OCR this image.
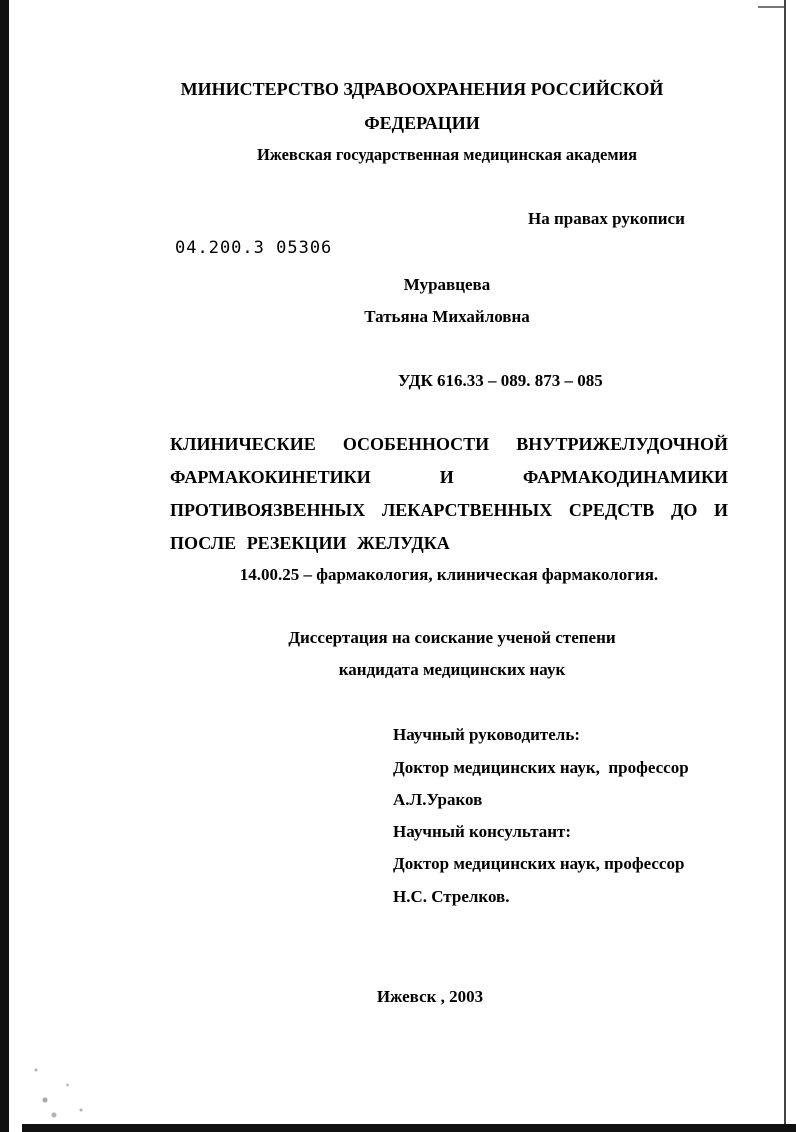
МИНИСТЕРСТВО ЗДРАВООХРАНЕНИЯ РОССИЙСКОЙ
ФЕДЕРАЦИИ
Ижевская государственная медицинская академия
На правах рукописи
04.200.3 05306
Муравцева
Татьяна Михайловна
УДК 616.33 – 089. 873 – 085
КЛИНИЧЕСКИЕ ОСОБЕННОСТИ ВНУТРИЖЕЛУДОЧНОЙ
ФАРМАКОКИНЕТИКИ И ФАРМАКОДИНАМИКИ
ПРОТИВОЯЗВЕННЫХ ЛЕКАРСТВЕННЫХ СРЕДСТВ ДО И
ПОСЛЕ РЕЗЕКЦИИ ЖЕЛУДКА
14.00.25 – фармакология, клиническая фармакология.
Диссертация на соискание ученой степени
кандидата медицинских наук
Научный руководитель:
Доктор медицинских наук,  профессор
А.Л.Ураков
Научный консультант:
Доктор медицинских наук, профессор
Н.С. Стрелков.
Ижевск , 2003
